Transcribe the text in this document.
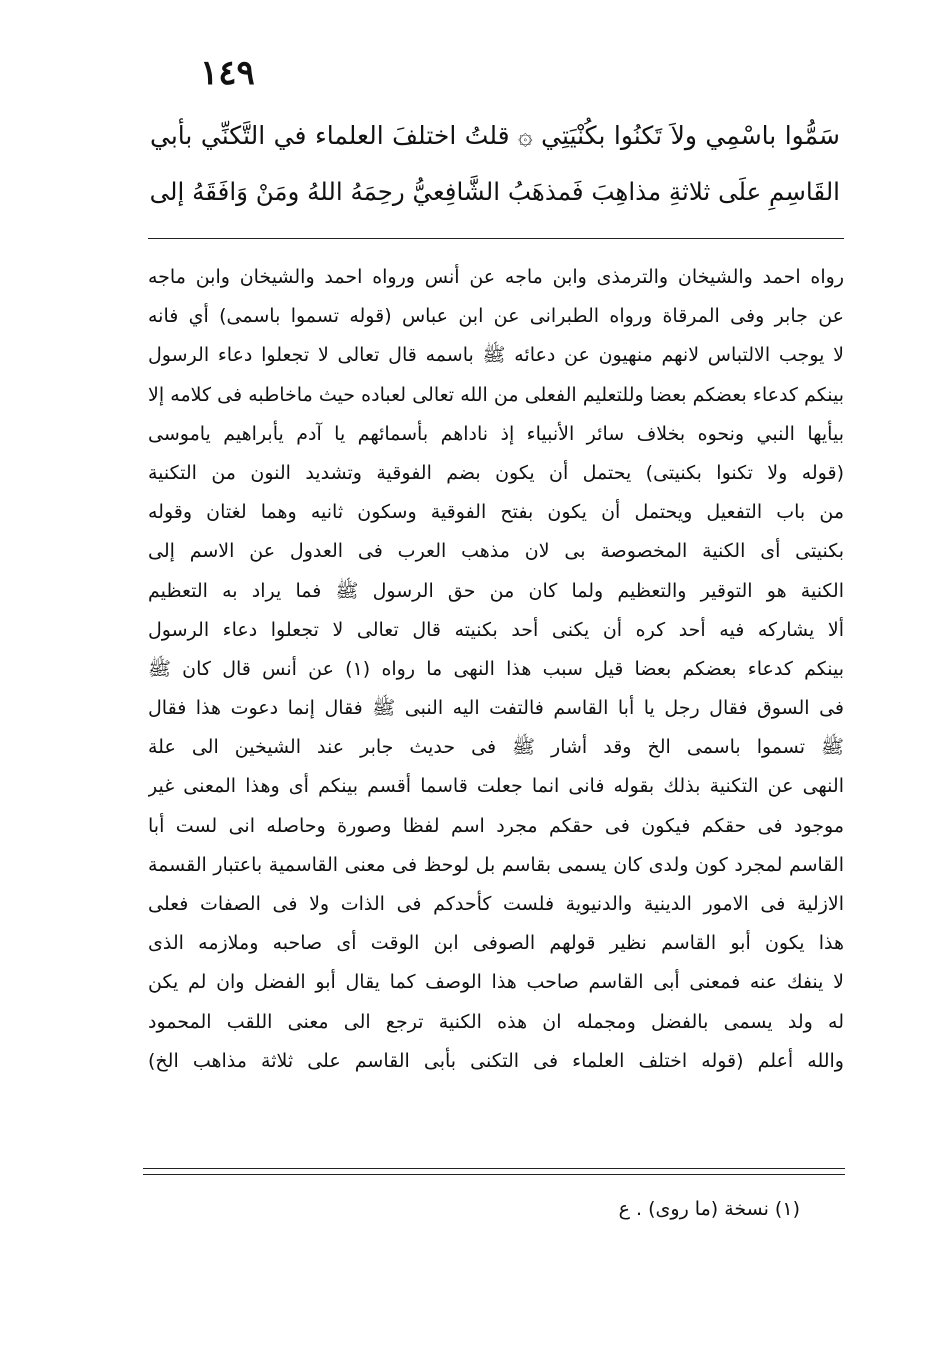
١٤٩
سَمُّوا باسْمِي ولاَ تَكنُوا بكُنْيَتِي ۞ قلتُ اختلفَ العلماء في التَّكنِّي بأبي
القَاسِمِ علَى ثلاثةِ مذاهِبَ فَمذهَبُ الشَّافِعيُّ رحِمَهُ اللهُ ومَنْ وَافَقَهُ إلى
رواه احمد والشيخان والترمذى وابن ماجه عن أنس ورواه احمد والشيخان وابن ماجه
عن جابر وفى المرقاة ورواه الطبرانى عن ابن عباس (قوله تسموا باسمى) أي فانه
لا يوجب الالتباس لانهم منهيون عن دعائه ﷺ باسمه قال تعالى لا تجعلوا دعاء الرسول
بينكم كدعاء بعضكم بعضا وللتعليم الفعلى من الله تعالى لعباده حيث ماخاطبه فى كلامه إلا
بيأيها النبي ونحوه بخلاف سائر الأنبياء إذ ناداهم بأسمائهم يا آدم يأبراهيم ياموسى
(قوله ولا تكنوا بكنيتى) يحتمل أن يكون بضم الفوقية وتشديد النون من التكنية
من باب التفعيل ويحتمل أن يكون بفتح الفوقية وسكون ثانيه وهما لغتان وقوله
بكنيتى أى الكنية المخصوصة بى لان مذهب العرب فى العدول عن الاسم إلى
الكنية هو التوقير والتعظيم ولما كان من حق الرسول ﷺ فما يراد به التعظيم
ألا يشاركه فيه أحد كره أن يكنى أحد بكنيته قال تعالى لا تجعلوا دعاء الرسول
بينكم كدعاء بعضكم بعضا قيل سبب هذا النهى ما رواه (١) عن أنس قال كان ﷺ
فى السوق فقال رجل يا أبا القاسم فالتفت اليه النبى ﷺ فقال إنما دعوت هذا فقال
ﷺ تسموا باسمى الخ وقد أشار ﷺ فى حديث جابر عند الشيخين الى علة
النهى عن التكنية بذلك بقوله فانى انما جعلت قاسما أقسم بينكم أى وهذا المعنى غير
موجود فى حقكم فيكون فى حقكم مجرد اسم لفظا وصورة وحاصله انى لست أبا
القاسم لمجرد كون ولدى كان يسمى بقاسم بل لوحظ فى معنى القاسمية باعتبار القسمة
الازلية فى الامور الدينية والدنيوية فلست كأحدكم فى الذات ولا فى الصفات فعلى
هذا يكون أبو القاسم نظير قولهم الصوفى ابن الوقت أى صاحبه وملازمه الذى
لا ينفك عنه فمعنى أبى القاسم صاحب هذا الوصف كما يقال أبو الفضل وان لم يكن
له ولد يسمى بالفضل ومجمله ان هذه الكنية ترجع الى معنى اللقب المحمود
والله أعلم (قوله اختلف العلماء فى التكنى بأبى القاسم على ثلاثة مذاهب الخ)
(١) نسخة (ما روى) . ع
